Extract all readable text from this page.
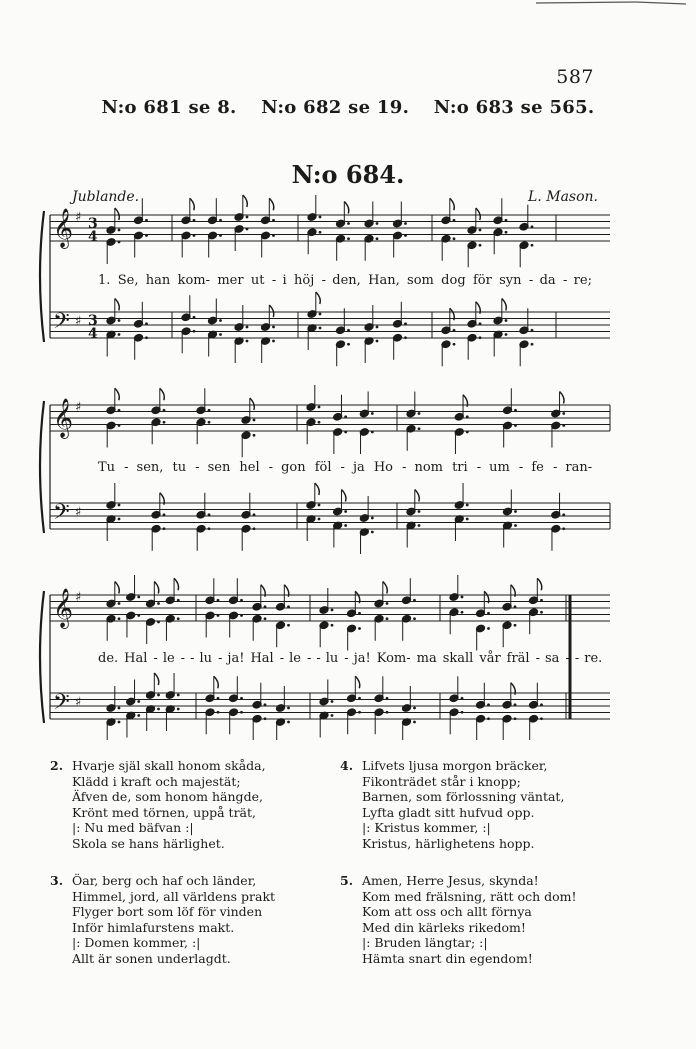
587
N:o 681 se 8. N:o 682 se 19. N:o 683 se 565.
N:o 684.
Jublande.	L. Mason.
𝄞
𝄢
♯
♯
3
4
3
4
𝄞
𝄢
♯
♯
𝄞
𝄢
♯
♯
1. Se, han kom- mer ut - i höj - den, Han, som dog för syn - da - re;
Tu - sen, tu - sen hel - gon föl - ja Ho - nom tri - um - fe - ran-
de. Hal - le - - lu - ja! Hal - le - - lu - ja! Kom- ma skall vår fräl - sa - - re.
2. Hvarje själ skall honom skåda,
Klädd i kraft och majestät;
Äfven de, som honom hängde,
Krönt med törnen, uppå trät,
|: Nu med bäfvan :|
Skola se hans härlighet.
4. Lifvets ljusa morgon bräcker,
Fikonträdet står i knopp;
Barnen, som förlossning väntat,
Lyfta gladt sitt hufvud opp.
|: Kristus kommer, :|
Kristus, härlighetens hopp.
3. Öar, berg och haf och länder,
Himmel, jord, all världens prakt
Flyger bort som löf för vinden
Inför himlafurstens makt.
|: Domen kommer, :|
Allt är sonen underlagdt.
5. Amen, Herre Jesus, skynda!
Kom med frälsning, rätt och dom!
Kom att oss och allt förnya
Med din kärleks rikedom!
|: Bruden längtar; :|
Hämta snart din egendom!
